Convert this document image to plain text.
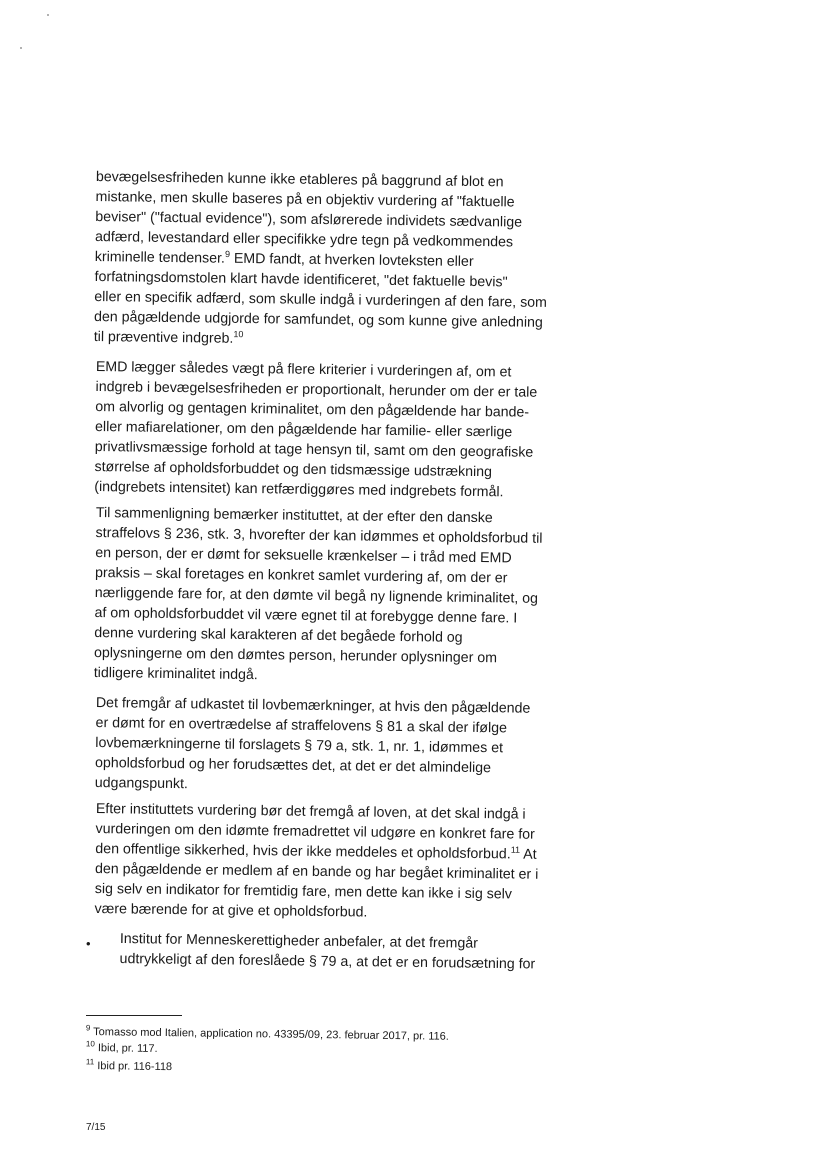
bevægelsesfriheden kunne ikke etableres på baggrund af blot en
mistanke, men skulle baseres på en objektiv vurdering af "faktuelle
beviser" ("factual evidence"), som afslørerede individets sædvanlige
adfærd, levestandard eller specifikke ydre tegn på vedkommendes
kriminelle tendenser.$^9$ EMD fandt, at hverken lovteksten eller
forfatningsdomstolen klart havde identificeret, "det faktuelle bevis"
eller en specifik adfærd, som skulle indgå i vurderingen af den fare, som
den pågældende udgjorde for samfundet, og som kunne give anledning
til præventive indgreb.$^{10}$
EMD lægger således vægt på flere kriterier i vurderingen af, om et
indgreb i bevægelsesfriheden er proportionalt, herunder om der er tale
om alvorlig og gentagen kriminalitet, om den pågældende har bande-
eller mafiarelationer, om den pågældende har familie- eller særlige
privatlivsmæssige forhold at tage hensyn til, samt om den geografiske
størrelse af opholdsforbuddet og den tidsmæssige udstrækning
(indgrebets intensitet) kan retfærdiggøres med indgrebets formål.
Til sammenligning bemærker instituttet, at der efter den danske
straffelovs § 236, stk. 3, hvorefter der kan idømmes et opholdsforbud til
en person, der er dømt for seksuelle krænkelser – i tråd med EMD
praksis – skal foretages en konkret samlet vurdering af, om der er
nærliggende fare for, at den dømte vil begå ny lignende kriminalitet, og
af om opholdsforbuddet vil være egnet til at forebygge denne fare. I
denne vurdering skal karakteren af det begåede forhold og
oplysningerne om den dømtes person, herunder oplysninger om
tidligere kriminalitet indgå.
Det fremgår af udkastet til lovbemærkninger, at hvis den pågældende
er dømt for en overtrædelse af straffelovens § 81 a skal der ifølge
lovbemærkningerne til forslagets § 79 a, stk. 1, nr. 1, idømmes et
opholdsforbud og her forudsættes det, at det er det almindelige
udgangspunkt.
Efter instituttets vurdering bør det fremgå af loven, at det skal indgå i
vurderingen om den idømte fremadrettet vil udgøre en konkret fare for
den offentlige sikkerhed, hvis der ikke meddeles et opholdsforbud.$^{11}$ At
den pågældende er medlem af en bande og har begået kriminalitet er i
sig selv en indikator for fremtidig fare, men dette kan ikke i sig selv
være bærende for at give et opholdsforbud.
• Institut for Menneskerettigheder anbefaler, at det fremgår
udtrykkeligt af den foreslåede § 79 a, at det er en forudsætning for
$^9$ Tomasso mod Italien, application no. 43395/09, 23. februar 2017, pr. 116.
$^{10}$ Ibid, pr. 117.
$^{11}$ Ibid pr. 116-118
7/15
